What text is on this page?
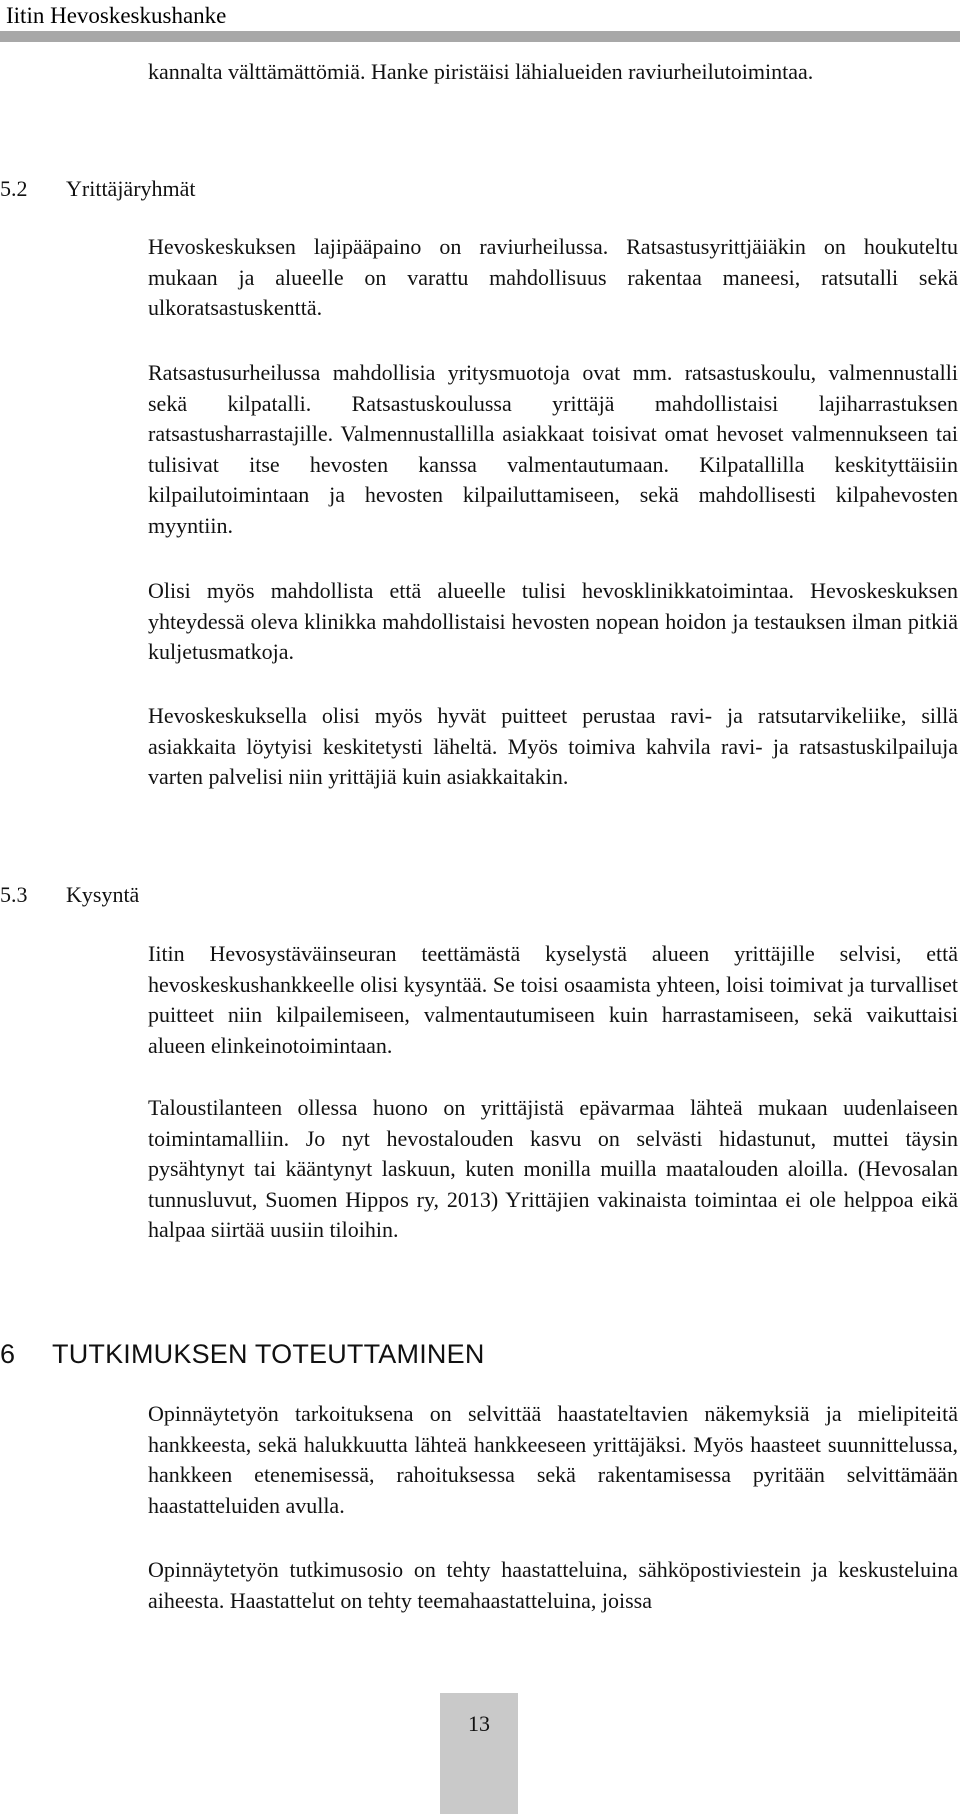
Iitin Hevoskeskushanke

kannalta välttämättömiä. Hanke piristäisi lähialueiden raviurheilutoimintaa.

5.2 Yrittäjäryhmät

Hevoskeskuksen lajipääpaino on raviurheilussa. Ratsastusyrittjäiäkin on houkuteltu mukaan ja alueelle on varattu mahdollisuus rakentaa maneesi, ratsutalli sekä ulkoratsastuskenttä.

Ratsastusurheilussa mahdollisia yritysmuotoja ovat mm. ratsastuskoulu, valmennustalli sekä kilpatalli. Ratsastuskoulussa yrittäjä mahdollistaisi lajiharrastuksen ratsastusharrastajille. Valmennustallilla asiakkaat toisivat omat hevoset valmennukseen tai tulisivat itse hevosten kanssa valmentautumaan. Kilpatallilla keskityttäisiin kilpailutoimintaan ja hevosten kilpailuttamiseen, sekä mahdollisesti kilpahevosten myyntiin.

Olisi myös mahdollista että alueelle tulisi hevosklinikkatoimintaa. Hevoskeskuksen yhteydessä oleva klinikka mahdollistaisi hevosten nopean hoidon ja testauksen ilman pitkiä kuljetusmatkoja.

Hevoskeskuksella olisi myös hyvät puitteet perustaa ravi- ja ratsutarvikeliike, sillä asiakkaita löytyisi keskitetysti läheltä. Myös toimiva kahvila ravi- ja ratsastuskilpailuja varten palvelisi niin yrittäjiä kuin asiakkaitakin.

5.3 Kysyntä

Iitin Hevosystäväinseuran teettämästä kyselystä alueen yrittäjille selvisi, että hevoskeskushankkeelle olisi kysyntää. Se toisi osaamista yhteen, loisi toimivat ja turvalliset puitteet niin kilpailemiseen, valmentautumiseen kuin harrastamiseen, sekä vaikuttaisi alueen elinkeinotoimintaan.

Taloustilanteen ollessa huono on yrittäjistä epävarmaa lähteä mukaan uudenlaiseen toimintamalliin. Jo nyt hevostalouden kasvu on selvästi hidastunut, muttei täysin pysähtynyt tai kääntynyt laskuun, kuten monilla muilla maatalouden aloilla. (Hevosalan tunnusluvut, Suomen Hippos ry, 2013) Yrittäjien vakinaista toimintaa ei ole helppoa eikä halpaa siirtää uusiin tiloihin.

6 TUTKIMUKSEN TOTEUTTAMINEN

Opinnäytetyön tarkoituksena on selvittää haastateltavien näkemyksiä ja mielipiteitä hankkeesta, sekä halukkuutta lähteä hankkeeseen yrittäjäksi. Myös haasteet suunnittelussa, hankkeen etenemisessä, rahoituksessa sekä rakentamisessa pyritään selvittämään haastatteluiden avulla.

Opinnäytetyön tutkimusosio on tehty haastatteluina, sähköpostiviestein ja keskusteluina aiheesta. Haastattelut on tehty teemahaastatteluina, joissa

13
